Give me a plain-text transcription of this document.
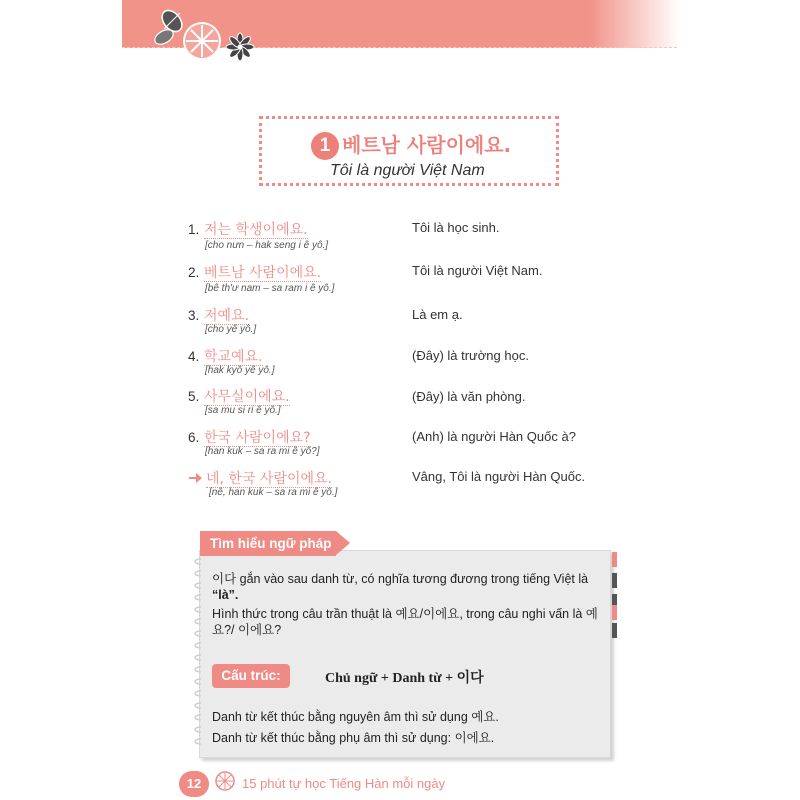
1 베트남 사람이에요.
Tôi là người Việt Nam
1. 저는 학생이에요.
[cho nưn – hak seng i ê yô.]
Tôi là học sinh.
2. 베트남 사람이에요.
[bê th'ư nam – sa ram i ê yô.]
Tôi là người Việt Nam.
3. 저예요.
[cho yê yô.]
Là em ạ.
4. 학교예요.
[hak kyô yê yô.]
(Đây) là trường học.
5. 사무실이에요.
[sa mu si ri ê yô.]
(Đây) là văn phòng.
6. 한국 사람이에요?
[han kuk – sa ra mi ê yô?]
(Anh) là người Hàn Quốc à?
네, 한국 사람이에요.
[nê, han kuk – sa ra mi ê yô.]
Vâng, Tôi là người Hàn Quốc.
Tìm hiểu ngữ pháp
이다 gắn vào sau danh từ, có nghĩa tương đương trong tiếng Việt là “là”.
Hình thức trong câu trần thuật là 예요/이에요, trong câu nghi vấn là 예요?/ 이에요?
Cấu trúc:	Chủ ngữ + Danh từ + 이다
Danh từ kết thúc bằng nguyên âm thì sử dụng 예요.
Danh từ kết thúc bằng phụ âm thì sử dụng: 이에요.
12	15 phút tự học Tiếng Hàn mỗi ngày
